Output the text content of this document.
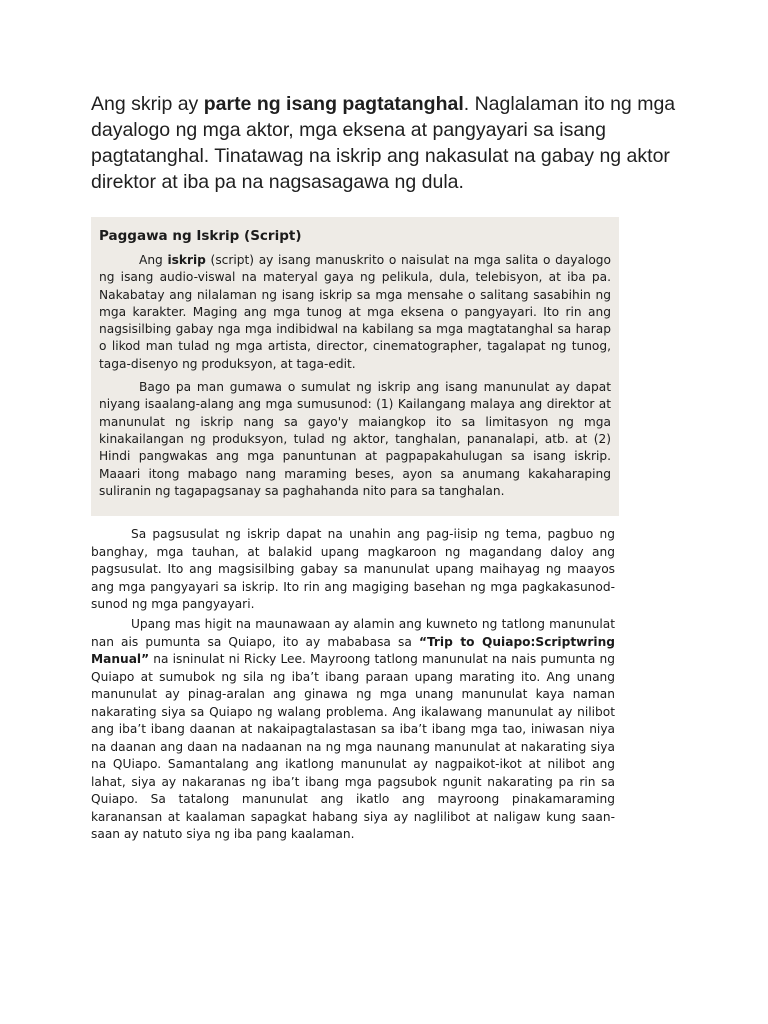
Ang skrip ay parte ng isang pagtatanghal. Naglalaman ito ng mga dayalogo ng mga aktor, mga eksena at pangyayari sa isang pagtatanghal. Tinatawag na iskrip ang nakasulat na gabay ng aktor direktor at iba pa na nagsasagawa ng dula.
Paggawa ng Iskrip (Script)

Ang iskrip (script) ay isang manuskrito o naisulat na mga salita o dayalogo ng isang audio-viswal na materyal gaya ng pelikula, dula, telebisyon, at iba pa. Nakabatay ang nilalaman ng isang iskrip sa mga mensahe o salitang sasabihin ng mga karakter. Maging ang mga tunog at mga eksena o pangyayari. Ito rin ang nagsisilbing gabay nga mga indibidwal na kabilang sa mga magtatanghal sa harap o likod man tulad ng mga artista, director, cinematographer, tagalapat ng tunog, taga-disenyo ng produksyon, at taga-edit.

Bago pa man gumawa o sumulat ng iskrip ang isang manunulat ay dapat niyang isaalang-alang ang mga sumusunod: (1) Kailangang malaya ang direktor at manunulat ng iskrip nang sa gayo'y maiangkop ito sa limitasyon ng mga kinakailangan ng produksyon, tulad ng aktor, tanghalan, pananalapi, atb. at (2) Hindi pangwakas ang mga panuntunan at pagpapakahulugan sa isang iskrip. Maaari itong mabago nang maraming beses, ayon sa anumang kakaharaping suliranin ng tagapagsanay sa paghahanda nito para sa tanghalan.

Sa pagsusulat ng iskrip dapat na unahin ang pag-iisip ng tema, pagbuo ng banghay, mga tauhan, at balakid upang magkaroon ng magandang daloy ang pagsusulat. Ito ang magsisilbing gabay sa manunulat upang maihayag ng maayos ang mga pangyayari sa iskrip. Ito rin ang magiging basehan ng mga pagkakasunod-sunod ng mga pangyayari.

Upang mas higit na maunawaan ay alamin ang kuwneto ng tatlong manunulat nan ais pumunta sa Quiapo, ito ay mababasa sa “Trip to Quiapo:Scriptwring Manual” na isninulat ni Ricky Lee. Mayroong tatlong manunulat na nais pumunta ng Quiapo at sumubok ng sila ng iba’t ibang paraan upang marating ito. Ang unang manunulat ay pinag-aralan ang ginawa ng mga unang manunulat kaya naman nakarating siya sa Quiapo ng walang problema. Ang ikalawang manunulat ay nilibot ang iba’t ibang daanan at nakaipagtalastasan sa iba’t ibang mga tao, iniwasan niya na daanan ang daan na nadaanan na ng mga naunang manunulat at nakarating siya na QUiapo. Samantalang ang ikatlong manunulat ay nagpaikot-ikot at nilibot ang lahat, siya ay nakaranas ng iba’t ibang mga pagsubok ngunit nakarating pa rin sa Quiapo. Sa tatalong manunulat ang ikatlo ang mayroong pinakamaraming karanansan at kaalaman sapagkat habang siya ay naglilibot at naligaw kung saan-saan ay natuto siya ng iba pang kaalaman.
